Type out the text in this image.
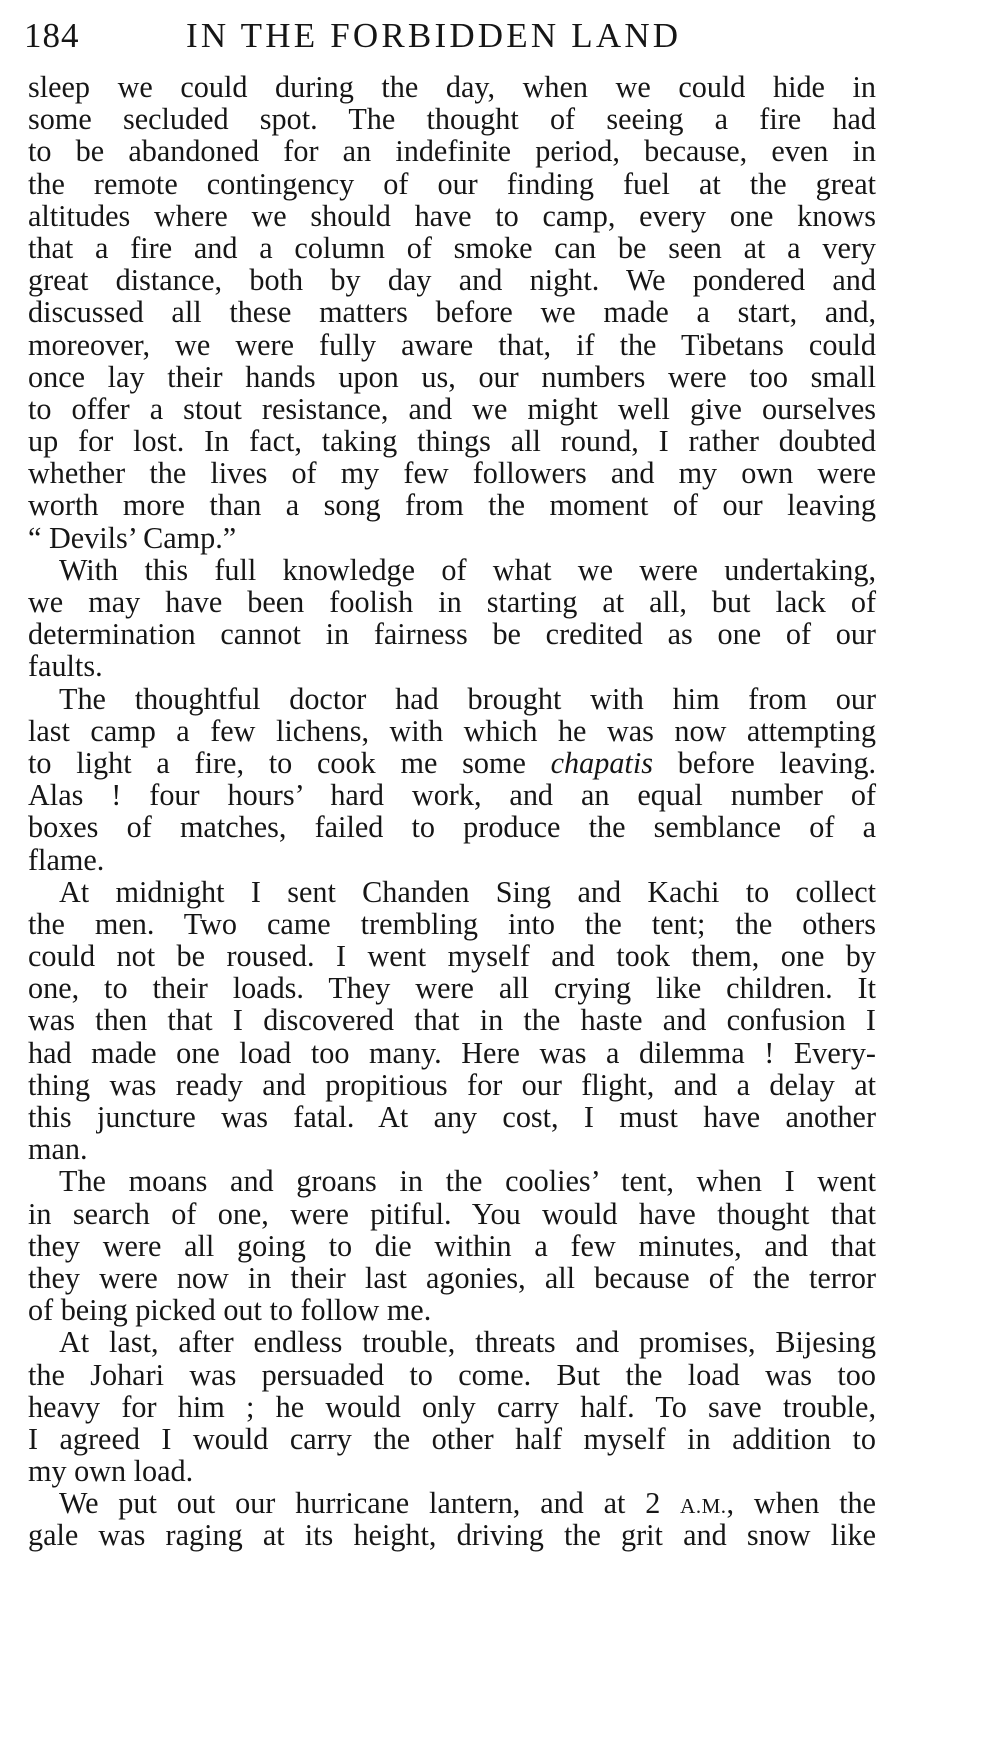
184	IN THE FORBIDDEN LAND
sleep we could during the day, when we could hide in
some secluded spot. The thought of seeing a fire had
to be abandoned for an indefinite period, because, even in
the remote contingency of our finding fuel at the great
altitudes where we should have to camp, every one knows
that a fire and a column of smoke can be seen at a very
great distance, both by day and night. We pondered and
discussed all these matters before we made a start, and,
moreover, we were fully aware that, if the Tibetans could
once lay their hands upon us, our numbers were too small
to offer a stout resistance, and we might well give ourselves
up for lost. In fact, taking things all round, I rather doubted
whether the lives of my few followers and my own were
worth more than a song from the moment of our leaving
“ Devils’ Camp.”
With this full knowledge of what we were undertaking,
we may have been foolish in starting at all, but lack of
determination cannot in fairness be credited as one of our
faults.
The thoughtful doctor had brought with him from our
last camp a few lichens, with which he was now attempting
to light a fire, to cook me some chapatis before leaving.
Alas ! four hours’ hard work, and an equal number of
boxes of matches, failed to produce the semblance of a
flame.
At midnight I sent Chanden Sing and Kachi to collect
the men. Two came trembling into the tent; the others
could not be roused. I went myself and took them, one by
one, to their loads. They were all crying like children. It
was then that I discovered that in the haste and confusion I
had made one load too many. Here was a dilemma ! Every-
thing was ready and propitious for our flight, and a delay at
this juncture was fatal. At any cost, I must have another
man.
The moans and groans in the coolies’ tent, when I went
in search of one, were pitiful. You would have thought that
they were all going to die within a few minutes, and that
they were now in their last agonies, all because of the terror
of being picked out to follow me.
At last, after endless trouble, threats and promises, Bijesing
the Johari was persuaded to come. But the load was too
heavy for him ; he would only carry half. To save trouble,
I agreed I would carry the other half myself in addition to
my own load.
We put out our hurricane lantern, and at 2 A.M., when the
gale was raging at its height, driving the grit and snow like
